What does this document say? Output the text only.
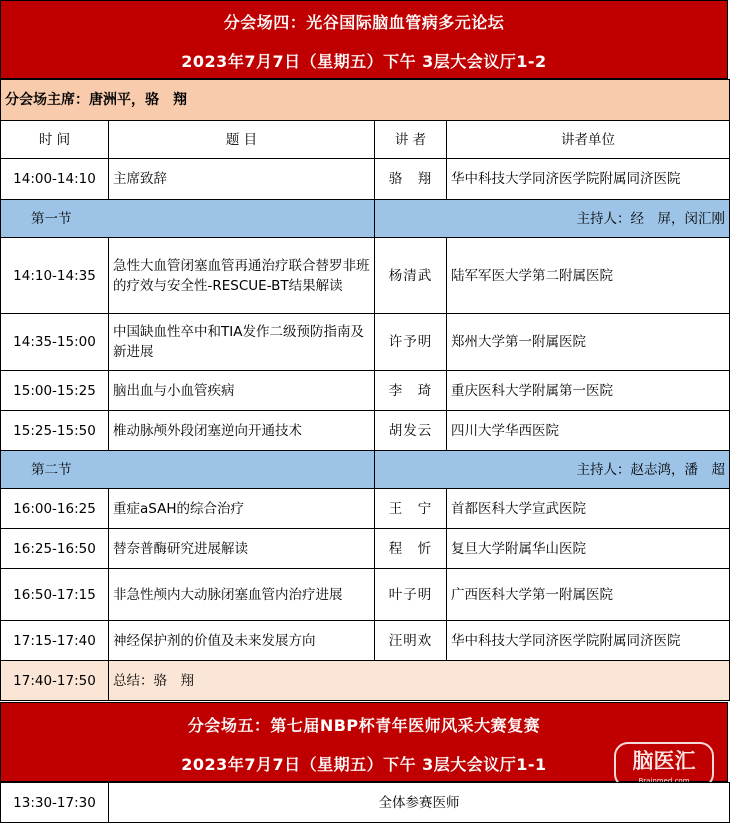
分会场四：光谷国际脑血管病多元论坛
2023年7月7日（星期五）下午 3层大会议厅1-2
分会场主席：唐洲平，骆　翔			
时 间	题 目	讲 者	讲者单位
14:00-14:10	主席致辞	骆　翔	华中科技大学同济医学院附属同济医院
第一节		主持人：经　屏，闵汇刚	
14:10-14:35	急性大血管闭塞血管再通治疗联合替罗非班的疗效与安全性-RESCUE-BT结果解读	杨清武	陆军军医大学第二附属医院
14:35-15:00	中国缺血性卒中和TIA发作二级预防指南及新进展	许予明	郑州大学第一附属医院
15:00-15:25	脑出血与小血管疾病	李　琦	重庆医科大学附属第一医院
15:25-15:50	椎动脉颅外段闭塞逆向开通技术	胡发云	四川大学华西医院
第二节		主持人：赵志鸿，潘　超	
16:00-16:25	重症aSAH的综合治疗	王　宁	首都医科大学宣武医院
16:25-16:50	替奈普酶研究进展解读	程　忻	复旦大学附属华山医院
16:50-17:15	非急性颅内大动脉闭塞血管内治疗进展	叶子明	广西医科大学第一附属医院
17:15-17:40	神经保护剂的价值及未来发展方向	汪明欢	华中科技大学同济医学院附属同济医院
17:40-17:50	总结：骆　翔		
分会场五：第七届NBP杯青年医师风采大赛复赛
2023年7月7日（星期五）下午 3层大会议厅1-1	脑医汇
Brainmed.com
13:30-17:30	全体参赛医师
